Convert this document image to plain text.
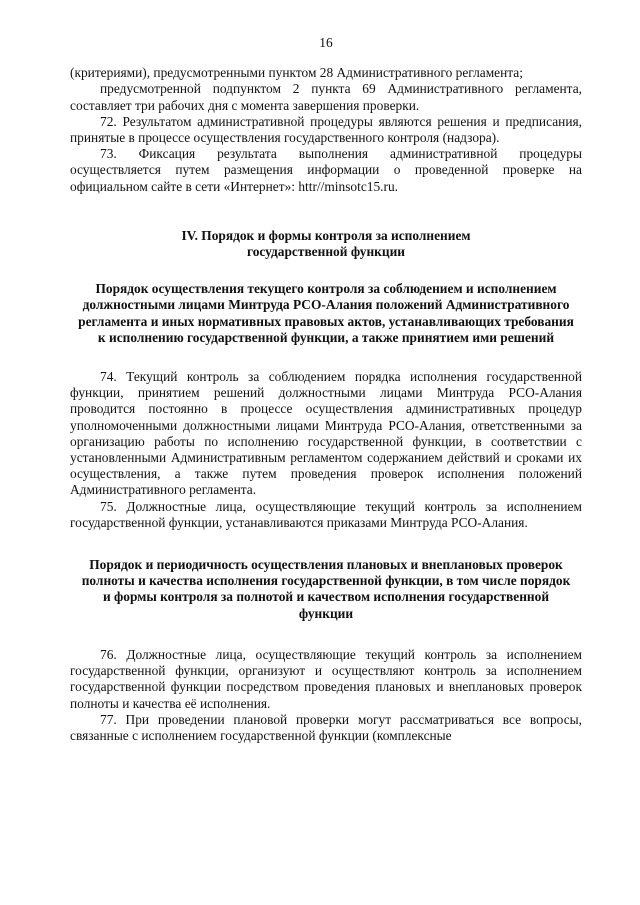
16

(критериями), предусмотренными пунктом 28 Административного регламента;

предусмотренной подпунктом 2 пункта 69 Административного регламента, составляет три рабочих дня с момента завершения проверки.

72. Результатом административной процедуры являются решения и предписания, принятые в процессе осуществления государственного контроля (надзора).

73. Фиксация результата выполнения административной процедуры осуществляется путем размещения информации о проведенной проверке на официальном сайте в сети «Интернет»: httr//minsotc15.ru.

IV. Порядок и формы контроля за исполнением государственной функции

Порядок осуществления текущего контроля за соблюдением и исполнением должностными лицами Минтруда РСО-Алания положений Административного регламента и иных нормативных правовых актов, устанавливающих требования к исполнению государственной функции, а также принятием ими решений

74. Текущий контроль за соблюдением порядка исполнения государственной функции, принятием решений должностными лицами Минтруда РСО-Алания проводится постоянно в процессе осуществления административных процедур уполномоченными должностными лицами Минтруда РСО-Алания, ответственными за организацию работы по исполнению государственной функции, в соответствии с установленными Административным регламентом содержанием действий и сроками их осуществления, а также путем проведения проверок исполнения положений Административного регламента.

75. Должностные лица, осуществляющие текущий контроль за исполнением государственной функции, устанавливаются приказами Минтруда РСО-Алания.

Порядок и периодичность осуществления плановых и внеплановых проверок полноты и качества исполнения государственной функции, в том числе порядок и формы контроля за полнотой и качеством исполнения государственной функции

76. Должностные лица, осуществляющие текущий контроль за исполнением государственной функции, организуют и осуществляют контроль за исполнением государственной функции посредством проведения плановых и внеплановых проверок полноты и качества её исполнения.

77. При проведении плановой проверки могут рассматриваться все вопросы, связанные с исполнением государственной функции (комплексные
